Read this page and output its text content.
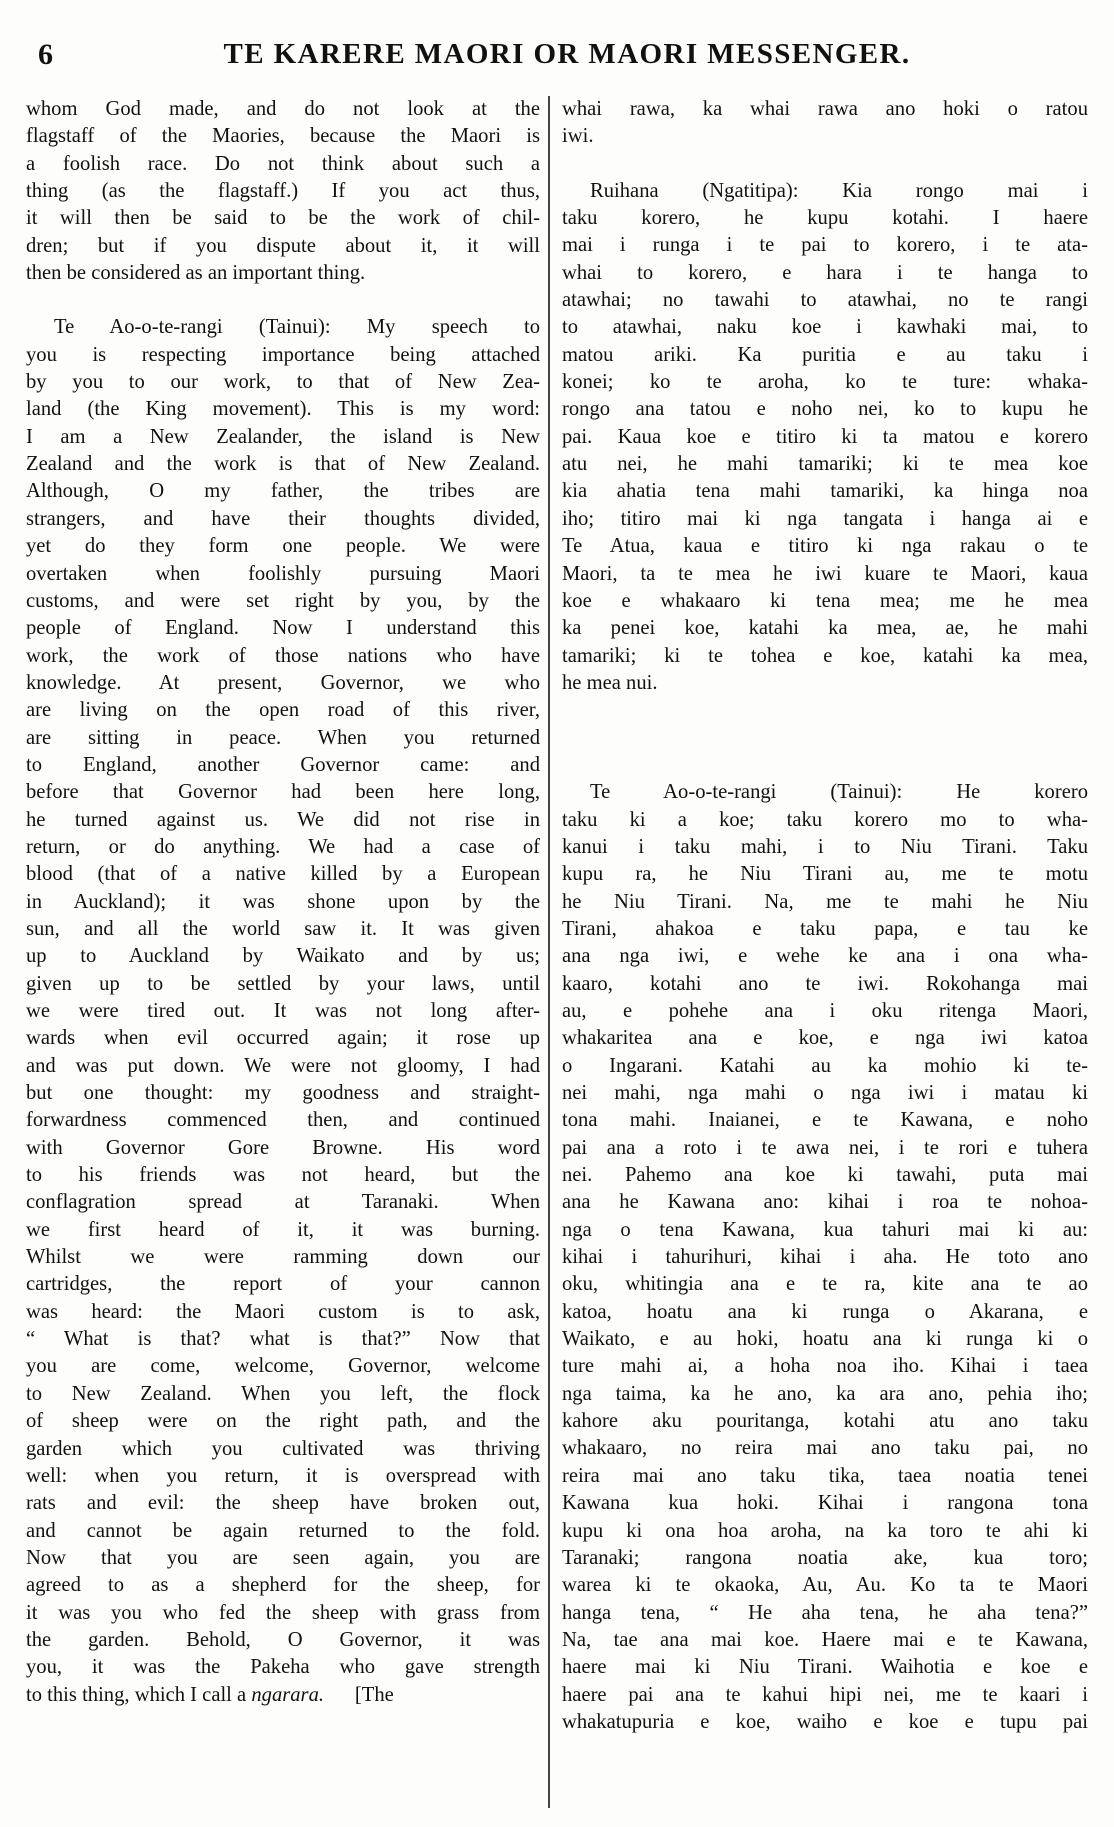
6	TE KARERE MAORI OR MAORI MESSENGER.
whom God made, and do not look at the
flagstaff of the Maories, because the Maori is
a foolish race. Do not think about such a
thing (as the flagstaff.) If you act thus,
it will then be said to be the work of chil-
dren; but if you dispute about it, it will
then be considered as an important thing.
Te Ao-o-te-rangi (Tainui): My speech to
you is respecting importance being attached
by you to our work, to that of New Zea-
land (the King movement). This is my word:
I am a New Zealander, the island is New
Zealand and the work is that of New Zealand.
Although, O my father, the tribes are
strangers, and have their thoughts divided,
yet do they form one people. We were
overtaken when foolishly pursuing Maori
customs, and were set right by you, by the
people of England. Now I understand this
work, the work of those nations who have
knowledge. At present, Governor, we who
are living on the open road of this river,
are sitting in peace. When you returned
to England, another Governor came: and
before that Governor had been here long,
he turned against us. We did not rise in
return, or do anything. We had a case of
blood (that of a native killed by a European
in Auckland); it was shone upon by the
sun, and all the world saw it. It was given
up to Auckland by Waikato and by us;
given up to be settled by your laws, until
we were tired out. It was not long after-
wards when evil occurred again; it rose up
and was put down. We were not gloomy, I had
but one thought: my goodness and straight-
forwardness commenced then, and continued
with Governor Gore Browne. His word
to his friends was not heard, but the
conflagration spread at Taranaki. When
we first heard of it, it was burning.
Whilst we were ramming down our
cartridges, the report of your cannon
was heard: the Maori custom is to ask,
“ What is that? what is that?” Now that
you are come, welcome, Governor, welcome
to New Zealand. When you left, the flock
of sheep were on the right path, and the
garden which you cultivated was thriving
well: when you return, it is overspread with
rats and evil: the sheep have broken out,
and cannot be again returned to the fold.
Now that you are seen again, you are
agreed to as a shepherd for the sheep, for
it was you who fed the sheep with grass from
the garden. Behold, O Governor, it was
you, it was the Pakeha who gave strength
to this thing, which I call a ngarara. [The
whai rawa, ka whai rawa ano hoki o ratou
iwi.
Ruihana (Ngatitipa): Kia rongo mai i
taku korero, he kupu kotahi. I haere
mai i runga i te pai to korero, i te ata-
whai to korero, e hara i te hanga to
atawhai; no tawahi to atawhai, no te rangi
to atawhai, naku koe i kawhaki mai, to
matou ariki. Ka puritia e au taku i
konei; ko te aroha, ko te ture: whaka-
rongo ana tatou e noho nei, ko to kupu he
pai. Kaua koe e titiro ki ta matou e korero
atu nei, he mahi tamariki; ki te mea koe
kia ahatia tena mahi tamariki, ka hinga noa
iho; titiro mai ki nga tangata i hanga ai e
Te Atua, kaua e titiro ki nga rakau o te
Maori, ta te mea he iwi kuare te Maori, kaua
koe e whakaaro ki tena mea; me he mea
ka penei koe, katahi ka mea, ae, he mahi
tamariki; ki te tohea e koe, katahi ka mea,
he mea nui.
Te Ao-o-te-rangi (Tainui): He korero
taku ki a koe; taku korero mo to wha-
kanui i taku mahi, i to Niu Tirani. Taku
kupu ra, he Niu Tirani au, me te motu
he Niu Tirani. Na, me te mahi he Niu
Tirani, ahakoa e taku papa, e tau ke
ana nga iwi, e wehe ke ana i ona wha-
kaaro, kotahi ano te iwi. Rokohanga mai
au, e pohehe ana i oku ritenga Maori,
whakaritea ana e koe, e nga iwi katoa
o Ingarani. Katahi au ka mohio ki te-
nei mahi, nga mahi o nga iwi i matau ki
tona mahi. Inaianei, e te Kawana, e noho
pai ana a roto i te awa nei, i te rori e tuhera
nei. Pahemo ana koe ki tawahi, puta mai
ana he Kawana ano: kihai i roa te nohoa-
nga o tena Kawana, kua tahuri mai ki au:
kihai i tahurihuri, kihai i aha. He toto ano
oku, whitingia ana e te ra, kite ana te ao
katoa, hoatu ana ki runga o Akarana, e
Waikato, e au hoki, hoatu ana ki runga ki o
ture mahi ai, a hoha noa iho. Kihai i taea
nga taima, ka he ano, ka ara ano, pehia iho;
kahore aku pouritanga, kotahi atu ano taku
whakaaro, no reira mai ano taku pai, no
reira mai ano taku tika, taea noatia tenei
Kawana kua hoki. Kihai i rangona tona
kupu ki ona hoa aroha, na ka toro te ahi ki
Taranaki; rangona noatia ake, kua toro;
warea ki te okaoka, Au, Au. Ko ta te Maori
hanga tena, “ He aha tena, he aha tena?”
Na, tae ana mai koe. Haere mai e te Kawana,
haere mai ki Niu Tirani. Waihotia e koe e
haere pai ana te kahui hipi nei, me te kaari i
whakatupuria e koe, waiho e koe e tupu pai
